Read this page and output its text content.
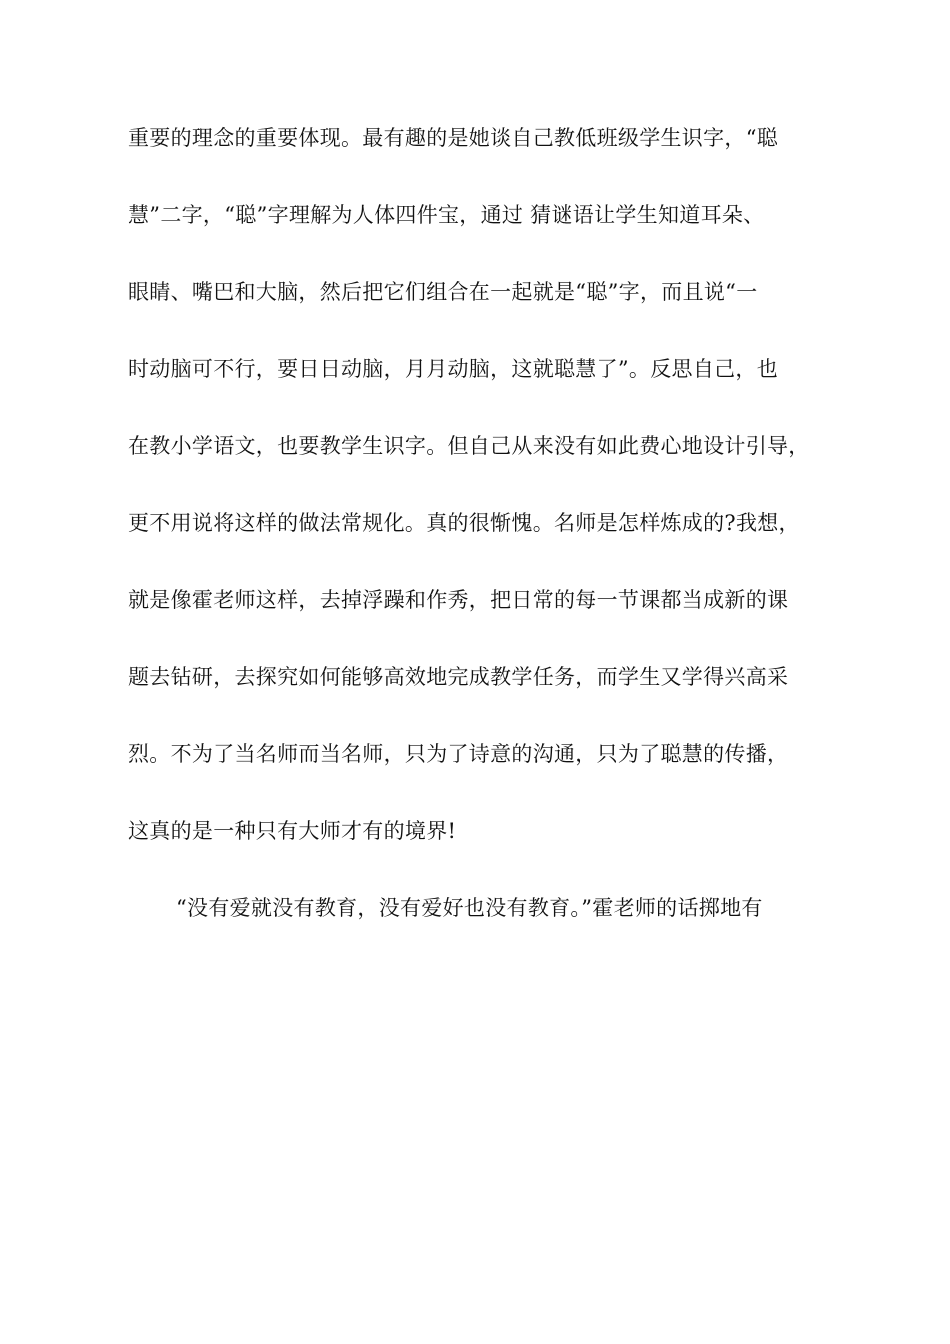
重要的理念的重要体现。最有趣的是她谈自己教低班级学生识字，“聪
慧”二字，“聪”字理解为人体四件宝，通过 猜谜语让学生知道耳朵、
眼睛、嘴巴和大脑，然后把它们组合在一起就是“聪”字，而且说“一
时动脑可不行，要日日动脑，月月动脑，这就聪慧了”。反思自己，也
在教小学语文，也要教学生识字。但自己从来没有如此费心地设计引导，
更不用说将这样的做法常规化。真的很惭愧。名师是怎样炼成的?我想，
就是像霍老师这样，去掉浮躁和作秀，把日常的每一节课都当成新的课
题去钻研，去探究如何能够高效地完成教学任务，而学生又学得兴高采
烈。不为了当名师而当名师，只为了诗意的沟通，只为了聪慧的传播，
这真的是一种只有大师才有的境界!
“没有爱就没有教育，没有爱好也没有教育。”霍老师的话掷地有
